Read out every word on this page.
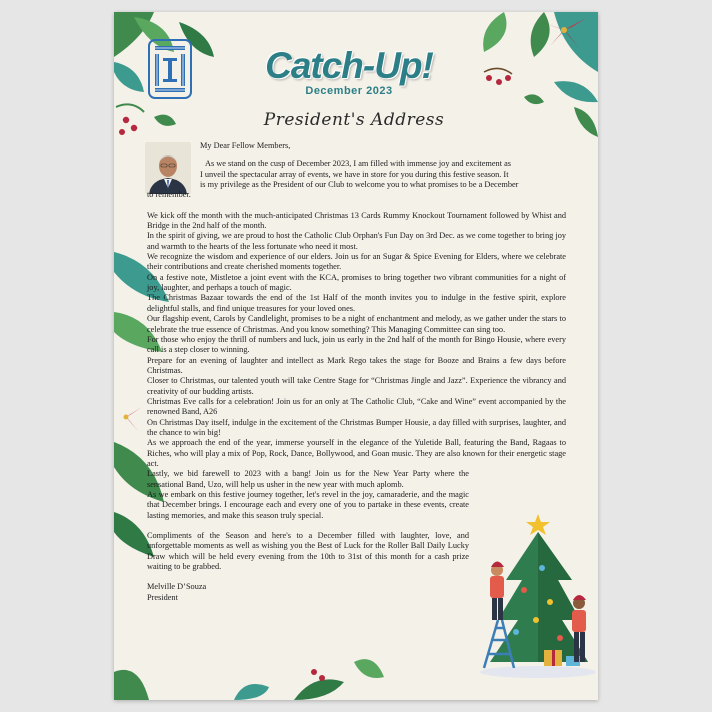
Catch-Up!
December 2023
President's Address

My Dear Fellow Members,

As we stand on the cusp of December 2023, I am filled with immense joy and excitement as

I unveil the spectacular array of events, we have in store for you during this festive season. It

is my privilege as the President of our Club to welcome you to what promises to be a December

to remember.

We kick off the month with the much-anticipated Christmas 13 Cards Rummy Knockout Tournament followed by Whist and Bridge in the 2nd half of the month.

In the spirit of giving, we are proud to host the Catholic Club Orphan's Fun Day on 3rd Dec. as we come together to bring joy and warmth to the hearts of the less fortunate who need it most.

We recognize the wisdom and experience of our elders. Join us for an Sugar & Spice Evening for Elders, where we celebrate their contributions and create cherished moments together.

On a festive note, Mistletoe a joint event with the KCA, promises to bring together two vibrant communities for a night of joy, laughter, and perhaps a touch of magic.

The Christmas Bazaar towards the end of the 1st Half of the month invites you to indulge in the festive spirit, explore delightful stalls, and find unique treasures for your loved ones.

Our flagship event, Carols by Candlelight, promises to be a night of enchantment and melody, as we gather under the stars to celebrate the true essence of Christmas. And you know something? This Managing Committee can sing too.

For those who enjoy the thrill of numbers and luck, join us early in the 2nd half of the month for Bingo Housie, where every call is a step closer to winning.

Prepare for an evening of laughter and intellect as Mark Rego takes the stage for Booze and Brains a few days before Christmas.

Closer to Christmas, our talented youth will take Centre Stage for “Christmas Jingle and Jazz”. Experience the vibrancy and creativity of our budding artists.

Christmas Eve calls for a celebration! Join us for an only at The Catholic Club, “Cake and Wine” event accompanied by the renowned Band, A26

On Christmas Day itself, indulge in the excitement of the Christmas Bumper Housie, a day filled with surprises, laughter, and the chance to win big!

As we approach the end of the year, immerse yourself in the elegance of the Yuletide Ball, featuring the Band, Ragaas to Riches, who will play a mix of Pop, Rock, Dance, Bollywood, and Goan music. They are also known for their energetic stage act.

Lastly, we bid farewell to 2023 with a bang! Join us for the New Year Party where the sensational Band, Uzo, will help us usher in the new year with much aplomb.

As we embark on this festive journey together, let's revel in the joy, camaraderie, and the magic that December brings. I encourage each and every one of you to partake in these events, create lasting memories, and make this season truly special.

Compliments of the Season and here's to a December filled with laughter, love, and unforgettable moments as well as wishing you the Best of Luck for the Roller Ball Daily Lucky Draw which will be held every evening from the 10th to 31st of this month for a cash prize waiting to be grabbed.

Melville D’Souza

President
